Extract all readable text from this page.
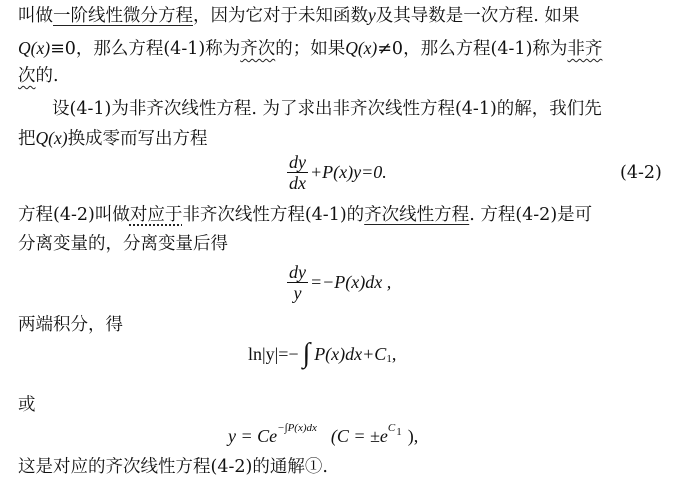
叫做一阶线性微分方程，因为它对于未知函数y及其导数是一次方程. 如果
Q(x)≡0，那么方程(4-1)称为齐次的；如果Q(x)≠0，那么方程(4-1)称为非齐
次的.
设(4-1)为非齐次线性方程. 为了求出非齐次线性方程(4-1)的解，我们先
把Q(x)换成零而写出方程
$\frac{dy}{dx} +P(x)y=0$.	(4-2)
方程(4-2)叫做对应于非齐次线性方程(4-1)的齐次线性方程. 方程(4-2)是可
分离变量的，分离变量后得
$\frac{dy}{y} =-P(x)dx$ ,
两端积分，得
ln|y|=− ∫ P(x)dx+C 1 ,
或
y = Ce −∫P(x)dx (C = ±e C 1 ),
这是对应的齐次线性方程(4-2)的通解①.
